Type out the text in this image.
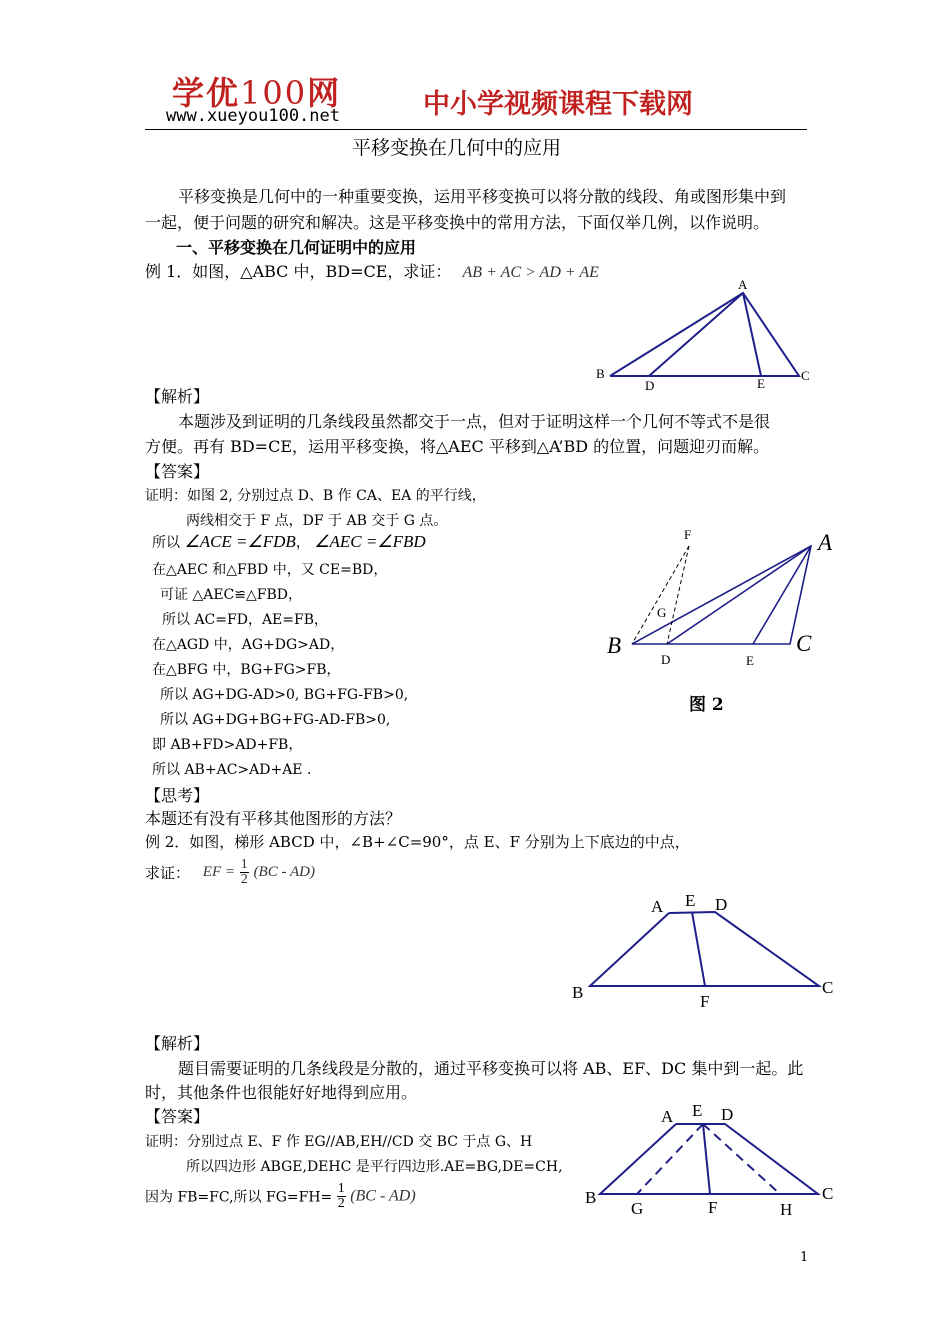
学优100网
www.xueyou100.net	中小学视频课程下载网
平移变换在几何中的应用
平移变换是几何中的一种重要变换，运用平移变换可以将分散的线段、角或图形集中到
一起，便于问题的研究和解决。这是平移变换中的常用方法，下面仅举几例，以作说明。
一、平移变换在几何证明中的应用
例 1．如图，△ABC 中，BD=CE，求证： AB + AC > AD + AE
A
B	C
D	E
【解析】
本题涉及到证明的几条线段虽然都交于一点，但对于证明这样一个几何不等式不是很
方便。再有 BD=CE，运用平移变换，将△AEC 平移到△A’BD 的位置，问题迎刃而解。
【答案】
证明：如图 2, 分别过点 D、B 作 CA、EA 的平行线，
两线相交于 F 点，DF 于 AB 交于 G 点。
所以 ∠ACE =∠FDB， ∠AEC =∠FBD
在△AEC 和△FBD 中，又 CE=BD，
可证 △AEC≌△FBD，
所以 AC=FD，AE=FB，
在△AGD 中，AG+DG>AD，
在△BFG 中，BG+FG>FB，
所以 AG+DG-AD>0, BG+FG-FB>0,
所以 AG+DG+BG+FG-AD-FB>0,
即 AB+FD>AD+FB，
所以 AB+AC>AD+AE .
F	A
G
B	C
D	E
图 2
【思考】
本题还有没有平移其他图形的方法？
例 2．如图，梯形 ABCD 中，∠B+∠C=90°，点 E、F 分别为上下底边的中点，
求证： EF = $\frac{1}{2} (BC - AD)$
A E D
B	F
C
【解析】
题目需要证明的几条线段是分散的，通过平移变换可以将 AB、EF、DC 集中到一起。此
时，其他条件也很能好好地得到应用。
【答案】
证明：分别过点 E、F 作 EG//AB,EH//CD 交 BC 于点 G、H
所以四边形 ABGE,DEHC 是平行四边形.AE=BG,DE=CH,
因为 FB=FC,所以 $FG=FH= \frac{1}{2} (BC - AD)$
A E D
B
G	F	H
C
1
